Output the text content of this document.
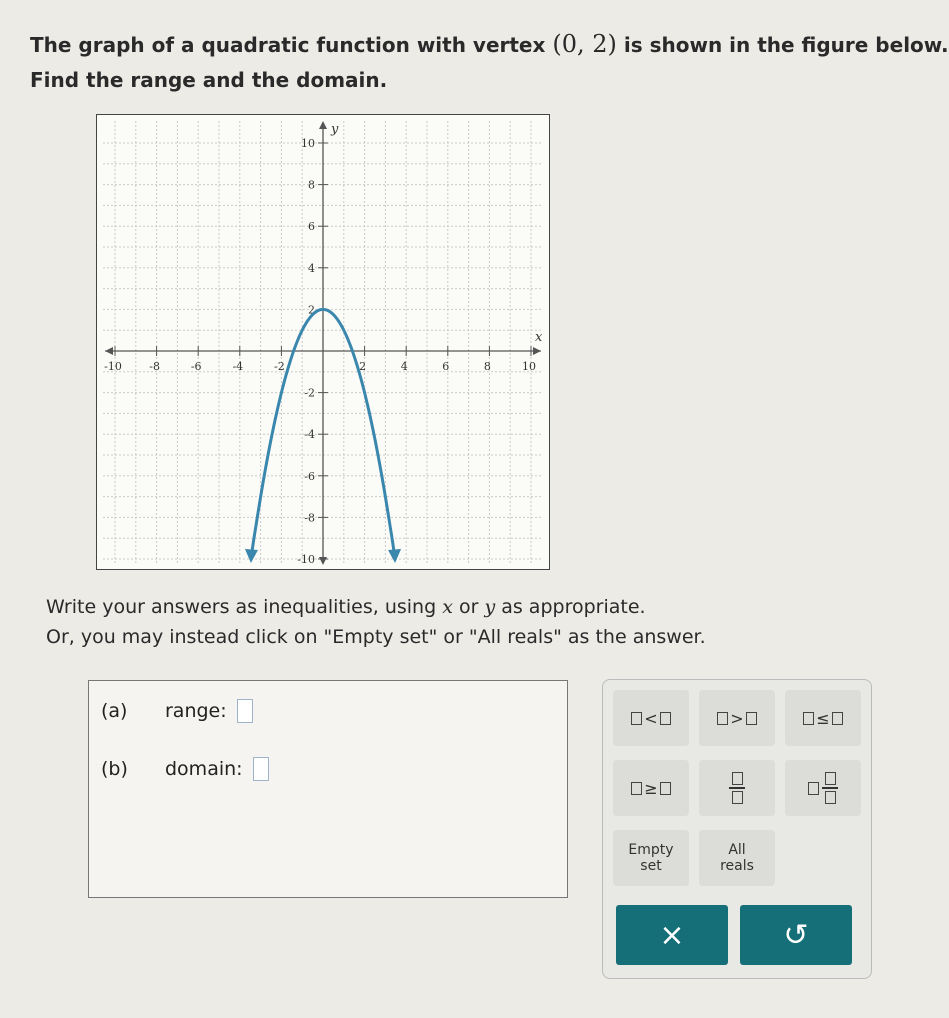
The graph of a quadratic function with vertex (0, 2) is shown in the figure below.
Find the range and the domain.
-10 -8	-6	-4	-2	2	4	6	8	10
10
8
6
4
2
-2
-4
-6
-8
-10
x
y
Write your answers as inequalities, using x or y as appropriate.
Or, you may instead click on "Empty set" or "All reals" as the answer.
(a)	range:
(b)	domain:
<	>	≤
≥
Empty
set
All
reals
×	↺
